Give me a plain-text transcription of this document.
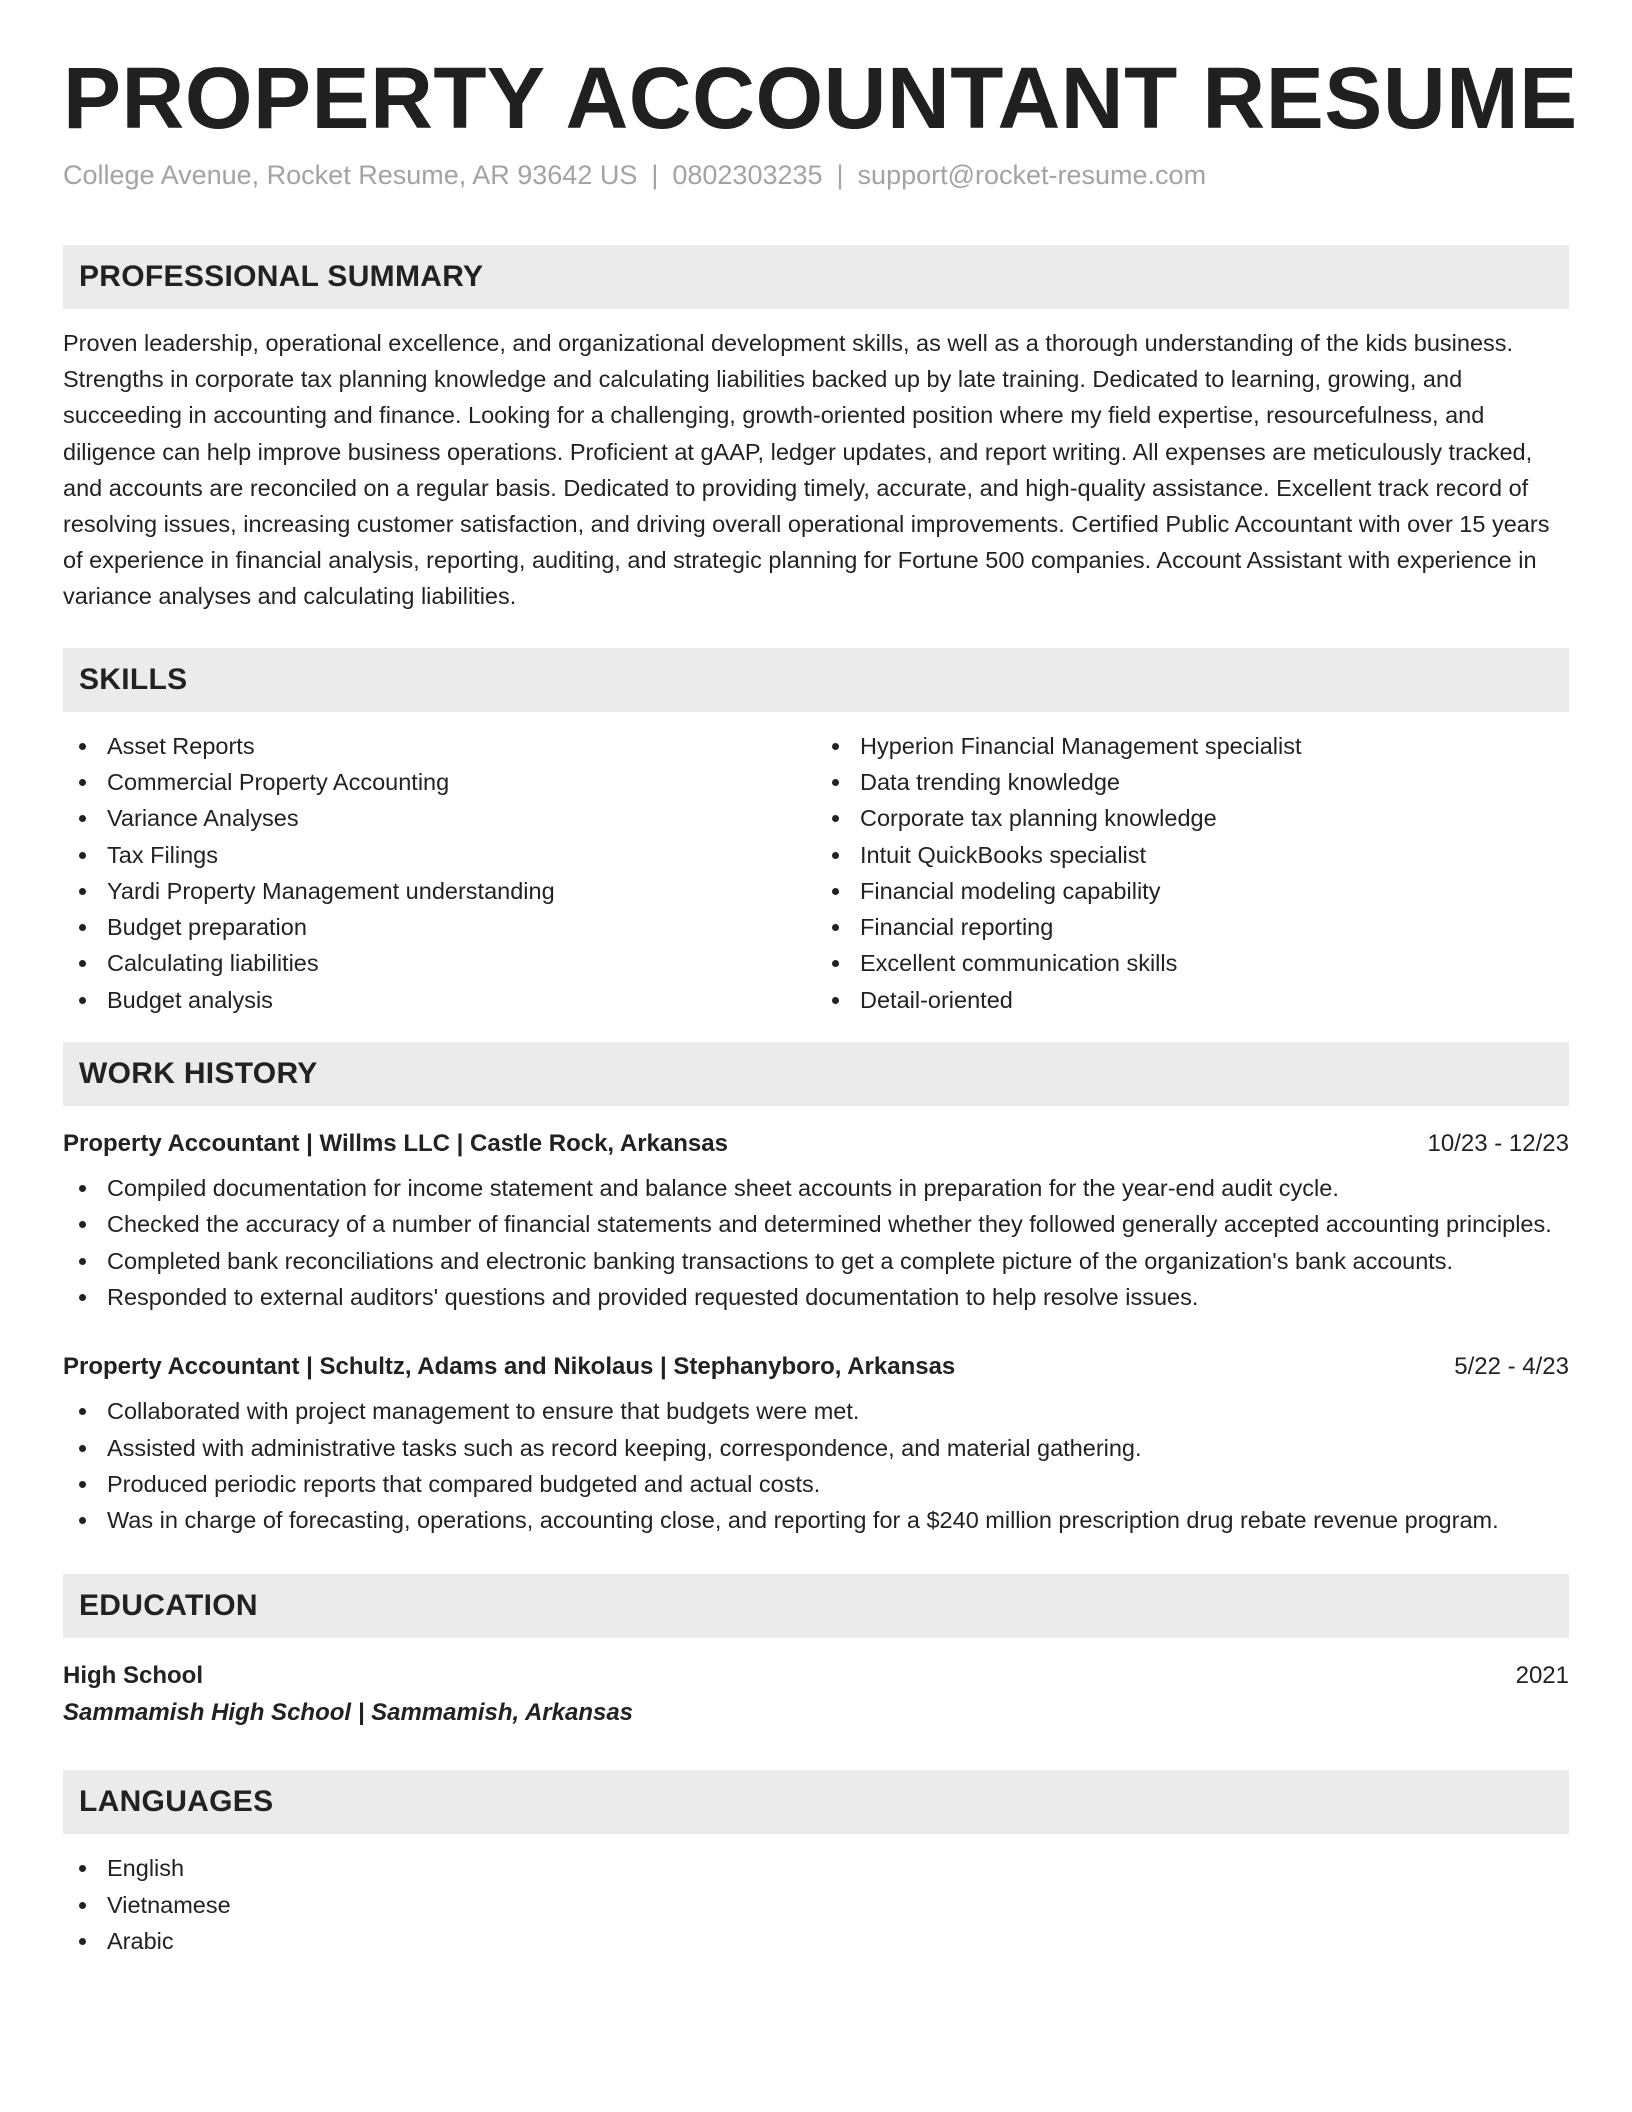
PROPERTY ACCOUNTANT RESUME
College Avenue, Rocket Resume, AR 93642 US | 0802303235 | support@rocket-resume.com
PROFESSIONAL SUMMARY

Proven leadership, operational excellence, and organizational development skills, as well as a thorough understanding of the kids business. Strengths in corporate tax planning knowledge and calculating liabilities backed up by late training. Dedicated to learning, growing, and succeeding in accounting and finance. Looking for a challenging, growth-oriented position where my field expertise, resourcefulness, and diligence can help improve business operations. Proficient at gAAP, ledger updates, and report writing. All expenses are meticulously tracked, and accounts are reconciled on a regular basis. Dedicated to providing timely, accurate, and high-quality assistance. Excellent track record of resolving issues, increasing customer satisfaction, and driving overall operational improvements. Certified Public Accountant with over 15 years of experience in financial analysis, reporting, auditing, and strategic planning for Fortune 500 companies. Account Assistant with experience in variance analyses and calculating liabilities.

SKILLS
Asset Reports
Commercial Property Accounting
Variance Analyses
Tax Filings
Yardi Property Management understanding
Budget preparation
Calculating liabilities
Budget analysis
Hyperion Financial Management specialist
Data trending knowledge
Corporate tax planning knowledge
Intuit QuickBooks specialist
Financial modeling capability
Financial reporting
Excellent communication skills
Detail-oriented
WORK HISTORY
Property Accountant | Willms LLC | Castle Rock, Arkansas	10/23 - 12/23
Compiled documentation for income statement and balance sheet accounts in preparation for the year-end audit cycle.
Checked the accuracy of a number of financial statements and determined whether they followed generally accepted accounting principles.
Completed bank reconciliations and electronic banking transactions to get a complete picture of the organization's bank accounts.
Responded to external auditors' questions and provided requested documentation to help resolve issues.
Property Accountant | Schultz, Adams and Nikolaus | Stephanyboro, Arkansas	5/22 - 4/23
Collaborated with project management to ensure that budgets were met.
Assisted with administrative tasks such as record keeping, correspondence, and material gathering.
Produced periodic reports that compared budgeted and actual costs.
Was in charge of forecasting, operations, accounting close, and reporting for a $240 million prescription drug rebate revenue program.
EDUCATION
High School	2021
Sammamish High School | Sammamish, Arkansas
LANGUAGES
English
Vietnamese
Arabic
